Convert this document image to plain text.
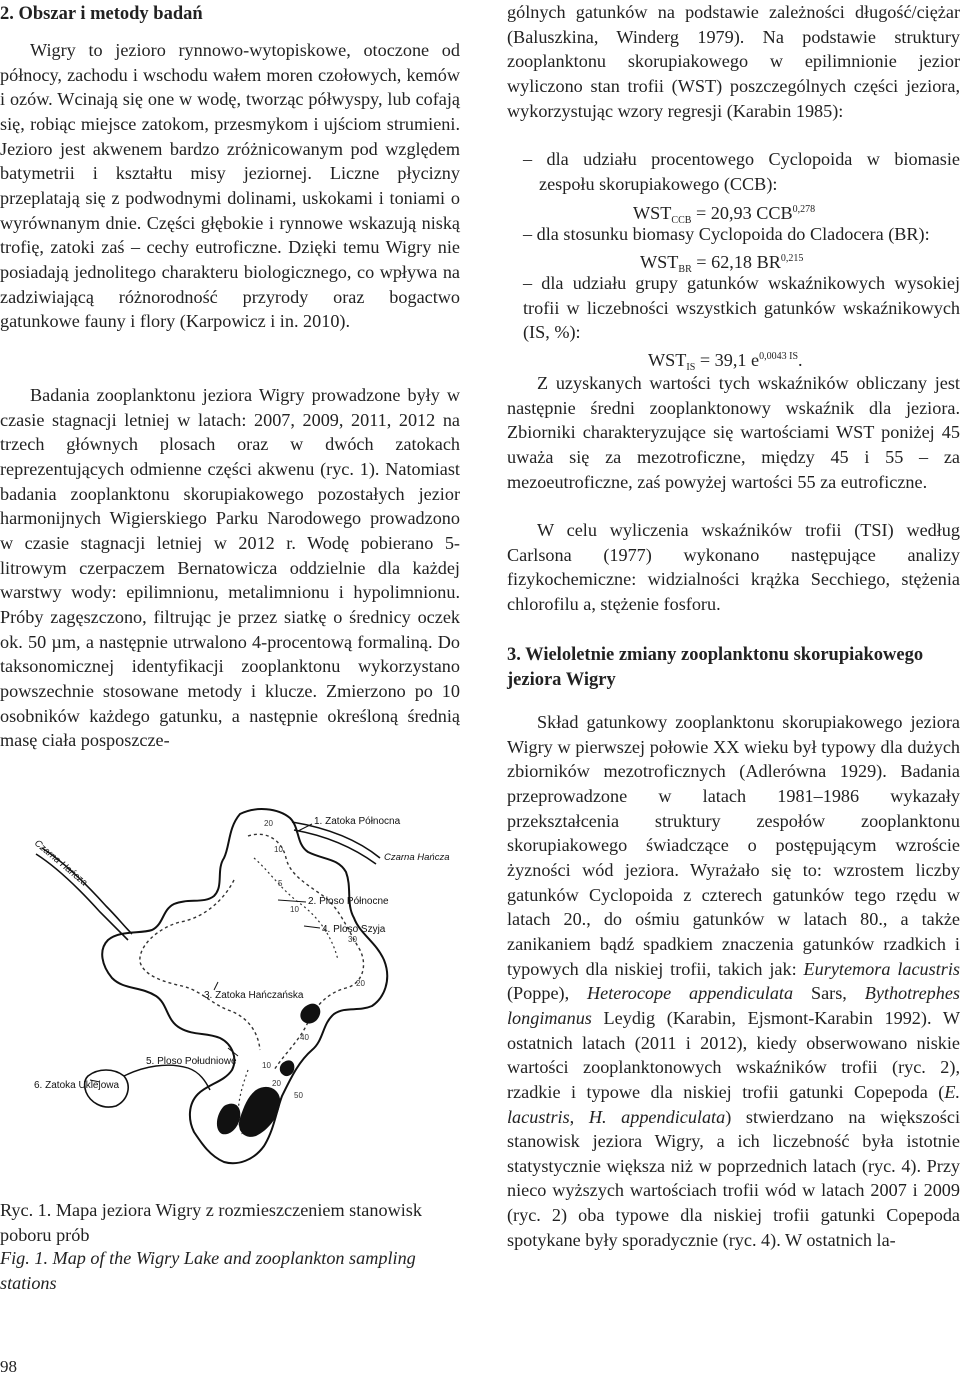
2. Obszar i metody badań

Wigry to jezioro rynnowo-wytopiskowe, otoczone od północy, zachodu i wschodu wałem moren czołowych, kemów i ozów. Wcinają się one w wodę, tworząc półwyspy, lub cofają się, robiąc miejsce zatokom, przesmykom i ujściom strumieni. Jezioro jest akwenem bardzo zróżnicowanym pod względem batymetrii i kształtu misy jeziornej. Liczne płycizny przeplatają się z podwodnymi dolinami, uskokami i toniami o wyrównanym dnie. Części głębokie i rynnowe wskazują niską trofię, zatoki zaś – cechy eutroficzne. Dzięki temu Wigry nie posiadają jednolitego charakteru biologicznego, co wpływa na zadziwiającą różnorodność przyrody oraz bogactwo gatunkowe fauny i flory (Karpowicz i in. 2010).

Badania zooplanktonu jeziora Wigry prowadzone były w czasie stagnacji letniej w latach: 2007, 2009, 2011, 2012 na trzech głównych plosach oraz w dwóch zatokach reprezentujących odmienne części akwenu (ryc. 1). Natomiast badania zooplanktonu skorupiakowego pozostałych jezior harmonijnych Wigierskiego Parku Narodowego prowadzono w czasie stagnacji letniej w 2012 r. Wodę pobierano 5-litrowym czerpaczem Bernatowicza oddzielnie dla każdej warstwy wody: epilimnionu, metalimnionu i hypolimnionu. Próby zagęszczono, filtrując je przez siatkę o średnicy oczek ok. 50 µm, a następnie utrwalono 4-procentową formaliną. Do taksonomicznej identyfikacji zooplanktonu wykorzystano powszechnie stosowane metody i klucze. Zmierzono po 10 osobników każdego gatunku, a następnie określoną średnią masę ciała posposzcze-

20
10
5
30
20
10
10
20
50
40
1. Zatoka Północna
Czarna Hańcza
2. Ploso Północne
4. Ploso Szyja
3. Zatoka Hańczańska
5. Ploso Południowe
6. Zatoka Uklejowa
Czarna Hańcza
Ryc. 1. Mapa jeziora Wigry z rozmieszczeniem stanowisk poboru prób
Fig. 1. Map of the Wigry Lake and zooplankton sampling stations
98

gólnych gatunków na podstawie zależności długość/ciężar (Baluszkina, Winderg 1979). Na podstawie struktury zooplanktonu skorupiakowego w epilimnionie jezior wyliczono stan trofii (WST) poszczególnych części jeziora, wykorzystując wzory regresji (Karabin 1985):

– dla udziału procentowego Cyclopoida w biomasie zespołu skorupiakowego (CCB):

$WST_{CCB} = 20,93$ CCB$^{0,278}$

– dla stosunku biomasy Cyclopoida do Cladocera (BR):

$WST_{BR} = 62,18$ BR$^{0,215}$

– dla udziału grupy gatunków wskaźnikowych wysokiej trofii w liczebności wszystkich gatunków wskaźnikowych (IS, %):

$WST_{IS} = 39,1$ $e^{0,0043 IS}$.

Z uzyskanych wartości tych wskaźników obliczany jest następnie średni zooplanktonowy wskaźnik dla jeziora. Zbiorniki charakteryzujące się wartościami WST poniżej 45 uważa się za mezotroficzne, między 45 i 55 – za mezoeutroficzne, zaś powyżej wartości 55 za eutroficzne.

W celu wyliczenia wskaźników trofii (TSI) według Carlsona (1977) wykonano następujące analizy fizykochemiczne: widzialności krążka Secchiego, stężenia chlorofilu a, stężenie fosforu.

3. Wieloletnie zmiany zooplanktonu skorupiakowego jeziora Wigry

Skład gatunkowy zooplanktonu skorupiakowego jeziora Wigry w pierwszej połowie XX wieku był typowy dla dużych zbiorników mezotroficznych (Adlerówna 1929). Badania przeprowadzone w latach 1981–1986 wykazały przekształcenia struktury zespołów zooplanktonu skorupiakowego świadczące o postępującym wzroście żyzności wód jeziora. Wyrażało się to: wzrostem liczby gatunków Cyclopoida z czterech gatunków tego rzędu w latach 20., do ośmiu gatunków w latach 80., a także zanikaniem bądź spadkiem znaczenia gatunków rzadkich i typowych dla niskiej trofii, takich jak: Eurytemora lacustris (Poppe), Heterocope appendiculata Sars, Bythotrephes longimanus Leydig (Karabin, Ejsmont-Karabin 1992). W ostatnich latach (2011 i 2012), kiedy obserwowano niskie wartości zooplanktonowych wskaźników trofii (ryc. 2), rzadkie i typowe dla niskiej trofii gatunki Copepoda (E. lacustris, H. appendiculata) stwierdzano na większości stanowisk jeziora Wigry, a ich liczebność była istotnie statystycznie większa niż w poprzednich latach (ryc. 4). Przy nieco wyższych wartościach trofii wód w latach 2007 i 2009 (ryc. 2) oba typowe dla niskiej trofii gatunki Copepoda spotykane były sporadycznie (ryc. 4). W ostatnich la-
